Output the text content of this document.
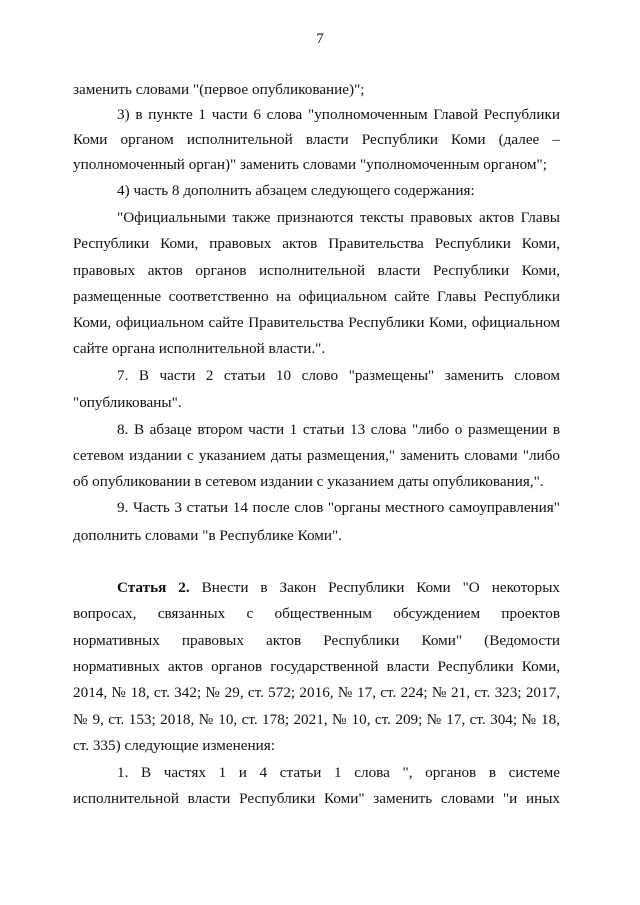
7
заменить словами "(первое опубликование)";
3) в пункте 1 части 6 слова "уполномоченным Главой Республики
Коми органом исполнительной власти Республики Коми (далее –
уполномоченный орган)" заменить словами "уполномоченным органом";
4) часть 8 дополнить абзацем следующего содержания:
"Официальными также признаются тексты правовых актов Главы
Республики Коми, правовых актов Правительства Республики Коми,
правовых актов органов исполнительной власти Республики Коми,
размещенные соответственно на официальном сайте Главы Республики
Коми, официальном сайте Правительства Республики Коми, официальном
сайте органа исполнительной власти.".
7. В части 2 статьи 10 слово "размещены" заменить словом
"опубликованы".
8. В абзаце втором части 1 статьи 13 слова "либо о размещении в
сетевом издании с указанием даты размещения," заменить словами "либо
об опубликовании в сетевом издании с указанием даты опубликования,".
9. Часть 3 статьи 14 после слов "органы местного самоуправления"
дополнить словами "в Республике Коми".
Статья 2. Внести в Закон Республики Коми "О некоторых
вопросах, связанных с общественным обсуждением проектов
нормативных правовых актов Республики Коми" (Ведомости
нормативных актов органов государственной власти Республики Коми,
2014, № 18, ст. 342; № 29, ст. 572; 2016, № 17, ст. 224; № 21, ст. 323; 2017,
№ 9, ст. 153; 2018, № 10, ст. 178; 2021, № 10, ст. 209; № 17, ст. 304; № 18,
ст. 335) следующие изменения:
1. В частях 1 и 4 статьи 1 слова ", органов в системе
исполнительной власти Республики Коми" заменить словами "и иных
